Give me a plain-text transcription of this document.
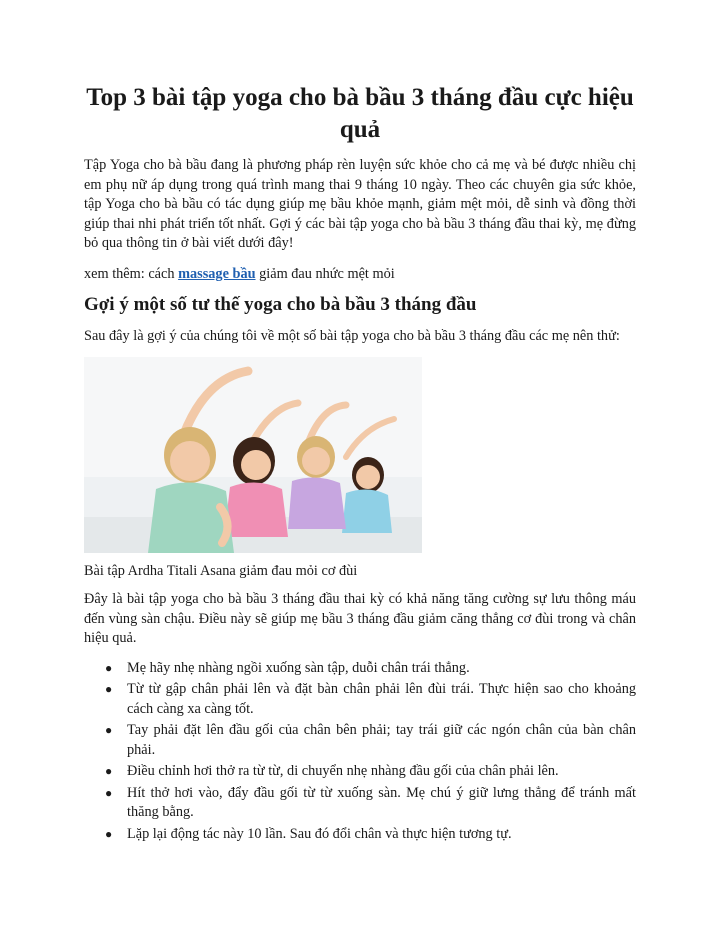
Top 3 bài tập yoga cho bà bầu 3 tháng đầu cực hiệu quả

Tập Yoga cho bà bầu đang là phương pháp rèn luyện sức khỏe cho cả mẹ và bé được nhiều chị em phụ nữ áp dụng trong quá trình mang thai 9 tháng 10 ngày. Theo các chuyên gia sức khỏe, tập Yoga cho bà bầu có tác dụng giúp mẹ bầu khỏe mạnh, giảm mệt mỏi, dễ sinh và đồng thời giúp thai nhi phát triển tốt nhất. Gợi ý các bài tập yoga cho bà bầu 3 tháng đầu thai kỳ, mẹ đừng bỏ qua thông tin ở bài viết dưới đây!

xem thêm: cách massage bầu giảm đau nhức mệt mỏi

Gợi ý một số tư thế yoga cho bà bầu 3 tháng đầu

Sau đây là gợi ý của chúng tôi về một số bài tập yoga cho bà bầu 3 tháng đầu các mẹ nên thử:

Bài tập Ardha Titali Asana giảm đau mỏi cơ đùi

Đây là bài tập yoga cho bà bầu 3 tháng đầu thai kỳ có khả năng tăng cường sự lưu thông máu đến vùng sàn chậu. Điều này sẽ giúp mẹ bầu 3 tháng đầu giảm căng thẳng cơ đùi trong và chân hiệu quả.

● Mẹ hãy nhẹ nhàng ngồi xuống sàn tập, duỗi chân trái thẳng.
● Từ từ gập chân phải lên và đặt bàn chân phải lên đùi trái. Thực hiện sao cho khoảng cách càng xa càng tốt.
● Tay phải đặt lên đầu gối của chân bên phải; tay trái giữ các ngón chân của bàn chân phải.
● Điều chỉnh hơi thở ra từ từ, di chuyển nhẹ nhàng đầu gối của chân phải lên.
● Hít thở hơi vào, đẩy đầu gối từ từ xuống sàn. Mẹ chú ý giữ lưng thẳng để tránh mất thăng bằng.
● Lặp lại động tác này 10 lần. Sau đó đổi chân và thực hiện tương tự.
